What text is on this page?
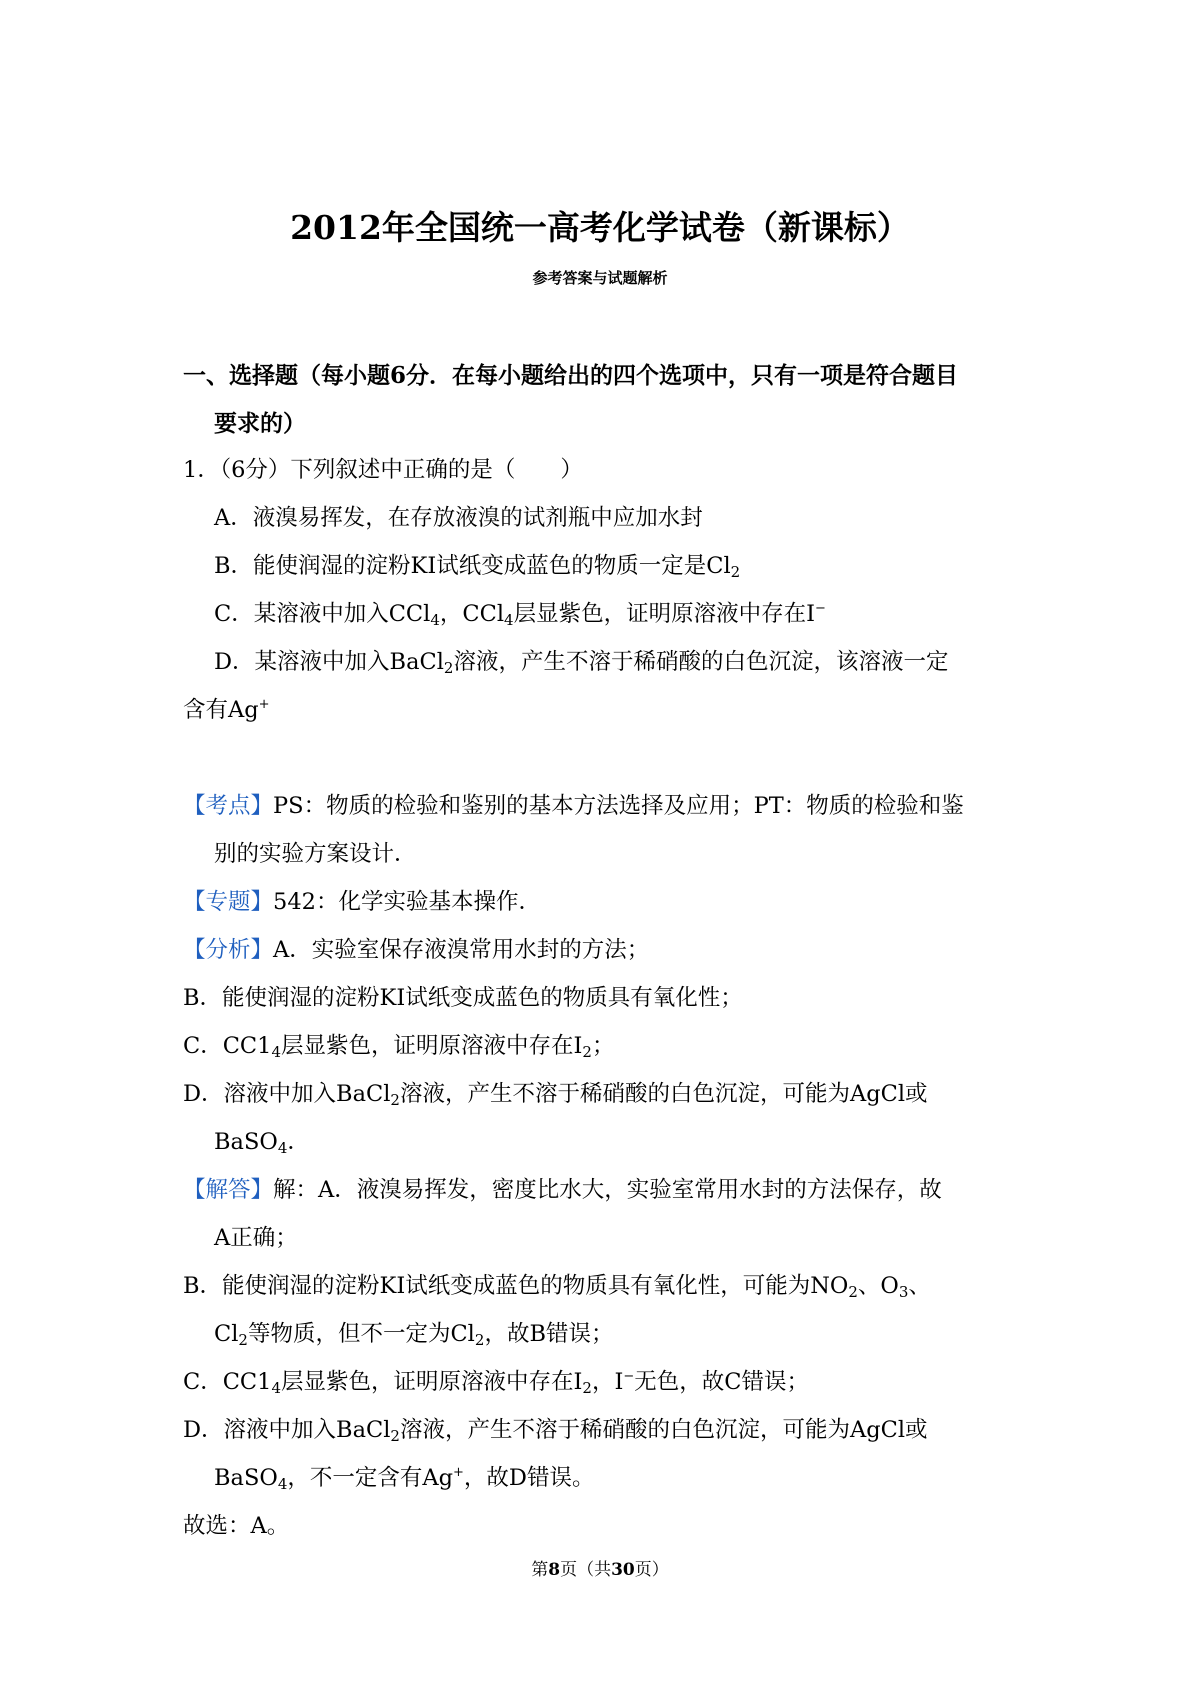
2012年全国统一高考化学试卷（新课标）
参考答案与试题解析
一、选择题（每小题6分．在每小题给出的四个选项中，只有一项是符合题目
要求的）
1．（6分）下列叙述中正确的是（　　）
A．液溴易挥发，在存放液溴的试剂瓶中应加水封
B．能使润湿的淀粉KI试纸变成蓝色的物质一定是$Cl_2$
C．某溶液中加入CCl$_4$，CCl$_4$层显紫色，证明原溶液中存在I−
D．某溶液中加入BaCl$_2$溶液，产生不溶于稀硝酸的白色沉淀，该溶液一定
含有Ag+
【考点】PS：物质的检验和鉴别的基本方法选择及应用；PT：物质的检验和鉴
别的实验方案设计．
【专题】542：化学实验基本操作．
【分析】A．实验室保存液溴常用水封的方法；
B．能使润湿的淀粉KI试纸变成蓝色的物质具有氧化性；
C．$CC1_4$层显紫色，证明原溶液中存在$I_2$；
D．溶液中加入BaCl$_2$溶液，产生不溶于稀硝酸的白色沉淀，可能为AgCl或
BaSO$_4$．
【解答】解：A．液溴易挥发，密度比水大，实验室常用水封的方法保存，故
A正确；
B．能使润湿的淀粉KI试纸变成蓝色的物质具有氧化性，可能为$NO_2$、$O_3$、
$Cl_2$等物质，但不一定为$Cl_2$，故B错误；
C．$CC1_4$层显紫色，证明原溶液中存在$I_2$，I−无色，故C错误；
D．溶液中加入BaCl$_2$溶液，产生不溶于稀硝酸的白色沉淀，可能为AgCl或
BaSO$_4$，不一定含有Ag+，故D错误。
故选：A。
第8页（共30页）
